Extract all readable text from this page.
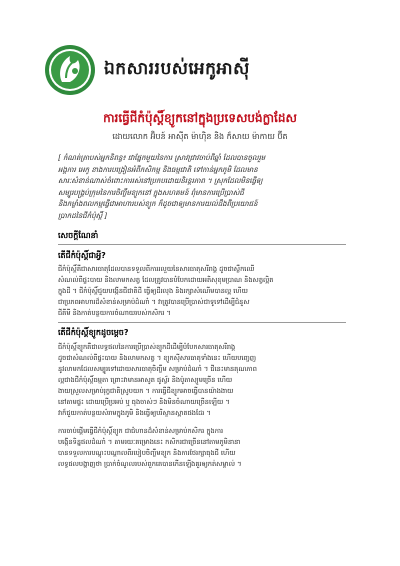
ឯកសាររបស់អេកូអាស៊ី
ការធ្វើជីកំប៉ុស្តិ៍ខ្យូកនៅក្នុងប្រទេសបង់ក្លាដែស
ដោយលោក អ៊ិបន៍ អាស៊ីត ម៉ាហ៊ិន និង ក៏សាយ ម៉ាកាយ ប៊ីត
[ កំណត់ត្រាបស់អ្នកនិពន្ធ៖ ជាផ្នែកមួយនៃការ ស្រាវជ្រាវចាប់ពីឆ្នាំ ដែលបានចូលរួម
អង្គការ អេកូ ខាងការបង្រៀនអំពីកសិកម្ម និងធម្មជាតិ ទៅកាន់អ្នកភូមិ ដែលមាន
សារៈសំខាន់ណាស់ចំពោះការរស់នៅប្រកបដោយនិរន្តរភាព ។ ស្រុកដែលមិនធ្វើឲ្យ
សម្បូរបង្គ្រប់ក្រុមនៃការចិញ្ចឹមខ្យូកនៅ ក្នុងសហគមន៍ ពុំមានការប្រើប្រាស់ជី
និងកម្លាំងពលកម្មធ្វើជាអាហារបស់ខ្យូក ក៏ដូចជាឲ្យមានការយល់ដឹងពីប្រយោជន៍
ប្រាកដនៃជីកំប៉ុស្តិ៍ ]
សេចក្តីណែនាំ
តើជីកំប៉ុស្តិ៍ជាអ្វី?
ជីកំប៉ុស្តិ៍គឺជាសារធាតុដែលបានទទួលពីការរលួយនៃសារធាតុសរីរាង្គ ដូចជាស្លឹកឈើ
សំណល់ពីផ្ទះបាយ និងលាមកសត្វ ដែលត្រូវបានបំបែកដោយអតិសុខុមប្រាណ និងសត្វល្អិត
ក្នុងដី ។ ជីកំប៉ុស្តិ៍ជួយបង្កើនជីជាតិដី ធ្វើឲ្យដីរលុង និងរក្សាសំណើមបានល្អ ហើយ
ជាប្រភពអាហារដ៏សំខាន់សម្រាប់ដំណាំ ។ វាត្រូវបានប្រើប្រាស់ជាទូទៅដើម្បីជំនួស
ជីគីមី និងកាត់បន្ថយការចំណាយរបស់កសិករ ។
តើជីកំប៉ុស្តិ៍ខ្យូកដូចម្តេច?
ជីកំប៉ុស្តិ៍ខ្យូកគឺជាលទ្ធផលនៃការប្រើប្រាស់ខ្យូកដីដើម្បីបំបែកសារធាតុសរីរាង្គ
ដូចជាសំណល់ពីផ្ទះបាយ និងលាមកសត្វ ។ ខ្យូកស៊ីសារធាតុទាំងនេះ ហើយបញ្ចេញ
នូវលាមកដែលសម្បូរទៅដោយសារធាតុចិញ្ចឹម សម្រាប់ដំណាំ ។ ជីនេះមានគុណភាព
ល្អជាងជីកំប៉ុស្តិ៍ធម្មតា ព្រោះវាមានអាសូត ផូស្វ័រ និងប៉ូតាស្យូមច្រើន ហើយ
ងាយស្រួលសម្រាប់រុក្ខជាតិស្រូបយក ។ ការធ្វើជីខ្យូកអាចធ្វើបានយ៉ាងងាយ
នៅតាមផ្ទះ ដោយប្រើប្រអប់ ឬ ធុងចាស់ៗ និងមិនចំណាយច្រើនឡើយ ។
វាក៏ជួយកាត់បន្ថយសំរាមក្នុងភូមិ និងធ្វើឲ្យបរិស្ថានស្អាតផងដែរ ។
ការចាប់ផ្តើមធ្វើជីកំប៉ុស្តិ៍ខ្យូក ជាជំហានដ៏សំខាន់សម្រាប់កសិករ ក្នុងការ
បង្កើនទិន្នផលដំណាំ ។ តាមរយៈគម្រោងនេះ កសិករជាច្រើននៅតាមភូមិនានា
បានទទួលការបណ្តុះបណ្តាលពីរបៀបចិញ្ចឹមខ្យូក និងការថែរក្សាធុងជី ហើយ
លទ្ធផលបង្ហាញថា ប្រាក់ចំណូលរបស់ពួកគេបានកើនឡើងគួរឲ្យកត់សម្គាល់ ។
